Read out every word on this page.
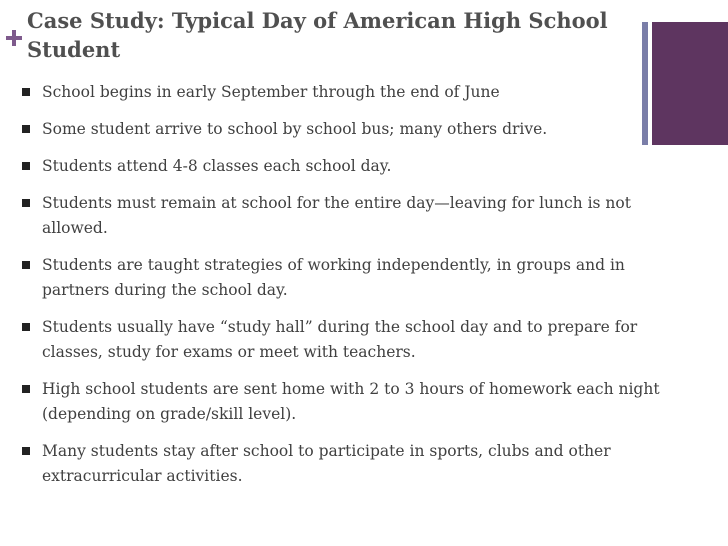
Case Study: Typical Day of American High School Student
School begins in early September through the end of June
Some student arrive to school by school bus; many others drive.
Students attend 4-8 classes each school day.
Students must remain at school for the entire day—leaving for lunch is not allowed.
Students are taught strategies of working independently, in groups and in partners during the school day.
Students usually have “study hall” during the school day and to prepare for classes, study for exams or meet with teachers.
High school students are sent home with 2 to 3 hours of homework each night (depending on grade/skill level).
Many students stay after school to participate in sports, clubs and other extracurricular activities.
